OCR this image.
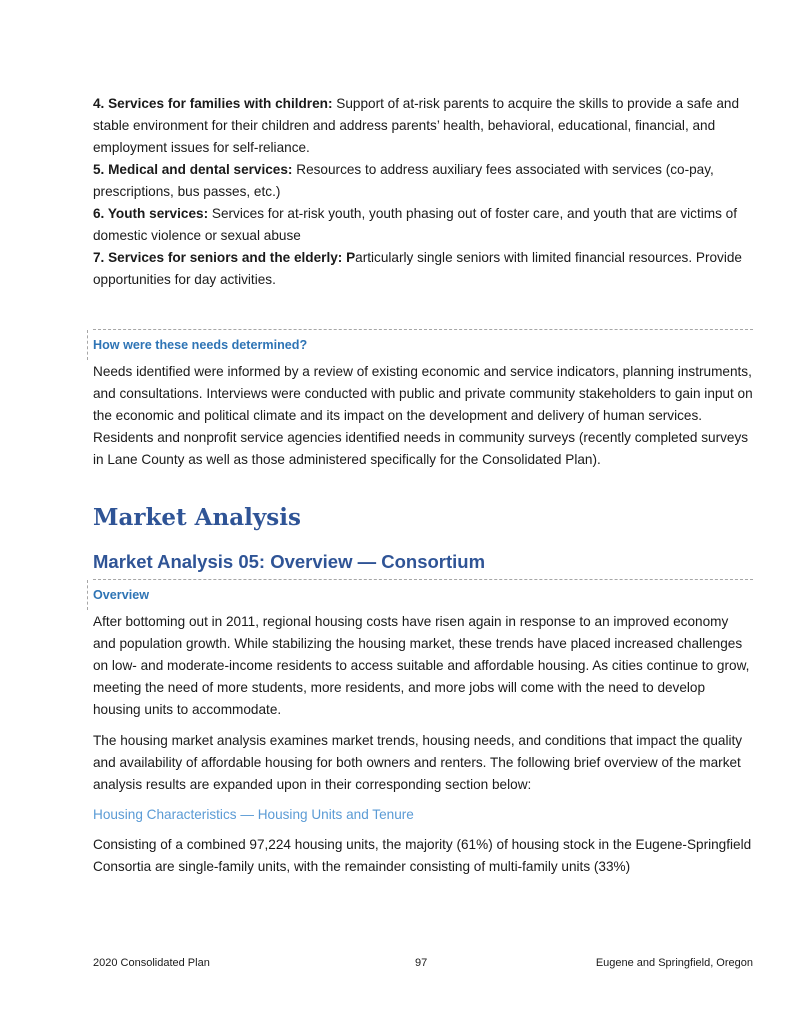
4. Services for families with children: Support of at-risk parents to acquire the skills to provide a safe and stable environment for their children and address parents’ health, behavioral, educational, financial, and employment issues for self-reliance.

5. Medical and dental services: Resources to address auxiliary fees associated with services (co-pay, prescriptions, bus passes, etc.)

6. Youth services: Services for at-risk youth, youth phasing out of foster care, and youth that are victims of domestic violence or sexual abuse

7. Services for seniors and the elderly: Particularly single seniors with limited financial resources. Provide opportunities for day activities.

How were these needs determined?

Needs identified were informed by a review of existing economic and service indicators, planning instruments, and consultations. Interviews were conducted with public and private community stakeholders to gain input on the economic and political climate and its impact on the development and delivery of human services. Residents and nonprofit service agencies identified needs in community surveys (recently completed surveys in Lane County as well as those administered specifically for the Consolidated Plan).

Market Analysis
Market Analysis 05: Overview — Consortium
Overview

After bottoming out in 2011, regional housing costs have risen again in response to an improved economy and population growth. While stabilizing the housing market, these trends have placed increased challenges on low- and moderate-income residents to access suitable and affordable housing. As cities continue to grow, meeting the need of more students, more residents, and more jobs will come with the need to develop housing units to accommodate.

The housing market analysis examines market trends, housing needs, and conditions that impact the quality and availability of affordable housing for both owners and renters. The following brief overview of the market analysis results are expanded upon in their corresponding section below:

Housing Characteristics — Housing Units and Tenure

Consisting of a combined 97,224 housing units, the majority (61%) of housing stock in the Eugene-Springfield Consortia are single-family units, with the remainder consisting of multi-family units (33%)

2020 Consolidated Plan	97	Eugene and Springfield, Oregon
